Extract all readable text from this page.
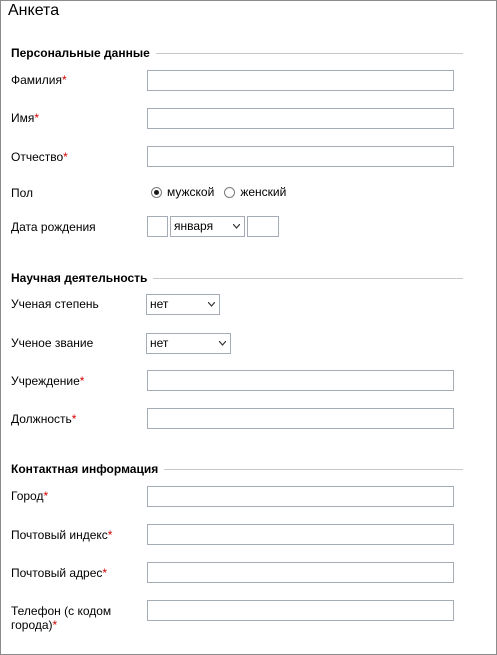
Анкета
Персональные данные
Фамилия*
Имя*
Отчество*
Пол	мужской женский
Дата рождения	января
Научная деятельность
Ученая степень	нет
Ученое звание	нет
Учреждение*
Должность*
Контактная информация
Город*
Почтовый индекс*
Почтовый адрес*
Телефон (с кодом
города)*
